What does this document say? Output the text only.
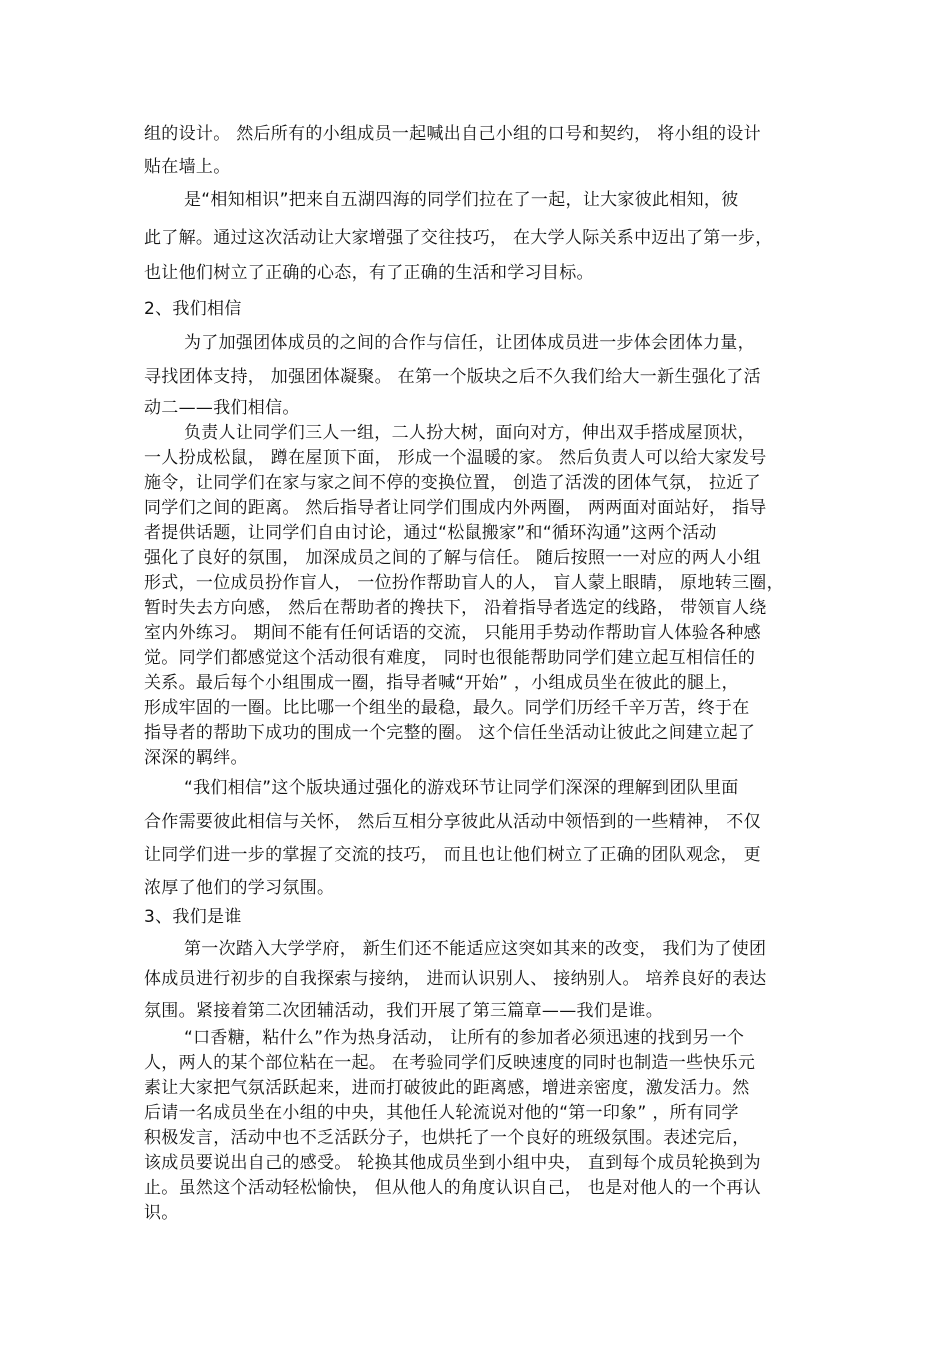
组的设计。 然后所有的小组成员一起喊出自己小组的口号和契约， 将小组的设计
贴在墙上。
是“相知相识”把来自五湖四海的同学们拉在了一起，让大家彼此相知，彼
此了解。通过这次活动让大家增强了交往技巧， 在大学人际关系中迈出了第一步，
也让他们树立了正确的心态，有了正确的生活和学习目标。
2、我们相信
为了加强团体成员的之间的合作与信任，让团体成员进一步体会团体力量，
寻找团体支持， 加强团体凝聚。 在第一个版块之后不久我们给大一新生强化了活
动二——我们相信。
负责人让同学们三人一组，二人扮大树，面向对方，伸出双手搭成屋顶状，
一人扮成松鼠， 蹲在屋顶下面， 形成一个温暖的家。 然后负责人可以给大家发号
施令，让同学们在家与家之间不停的变换位置， 创造了活泼的团体气氛， 拉近了
同学们之间的距离。 然后指导者让同学们围成内外两圈， 两两面对面站好， 指导
者提供话题，让同学们自由讨论，通过“松鼠搬家”和“循环沟通”这两个活动
强化了良好的氛围， 加深成员之间的了解与信任。 随后按照一一对应的两人小组
形式，一位成员扮作盲人， 一位扮作帮助盲人的人， 盲人蒙上眼睛， 原地转三圈，
暂时失去方向感， 然后在帮助者的搀扶下， 沿着指导者选定的线路， 带领盲人绕
室内外练习。 期间不能有任何话语的交流， 只能用手势动作帮助盲人体验各种感
觉。同学们都感觉这个活动很有难度， 同时也很能帮助同学们建立起互相信任的
关系。最后每个小组围成一圈，指导者喊“开始” ，小组成员坐在彼此的腿上，
形成牢固的一圈。比比哪一个组坐的最稳，最久。同学们历经千辛万苦，终于在
指导者的帮助下成功的围成一个完整的圈。 这个信任坐活动让彼此之间建立起了
深深的羁绊。
“我们相信”这个版块通过强化的游戏环节让同学们深深的理解到团队里面
合作需要彼此相信与关怀， 然后互相分享彼此从活动中领悟到的一些精神， 不仅
让同学们进一步的掌握了交流的技巧， 而且也让他们树立了正确的团队观念， 更
浓厚了他们的学习氛围。
3、我们是谁
第一次踏入大学学府， 新生们还不能适应这突如其来的改变， 我们为了使团
体成员进行初步的自我探索与接纳， 进而认识别人、 接纳别人。 培养良好的表达
氛围。紧接着第二次团辅活动，我们开展了第三篇章——我们是谁。
“口香糖，粘什么”作为热身活动， 让所有的参加者必须迅速的找到另一个
人，两人的某个部位粘在一起。 在考验同学们反映速度的同时也制造一些快乐元
素让大家把气氛活跃起来，进而打破彼此的距离感，增进亲密度，激发活力。然
后请一名成员坐在小组的中央，其他任人轮流说对他的“第一印象” ，所有同学
积极发言，活动中也不乏活跃分子，也烘托了一个良好的班级氛围。表述完后，
该成员要说出自己的感受。 轮换其他成员坐到小组中央， 直到每个成员轮换到为
止。虽然这个活动轻松愉快， 但从他人的角度认识自己， 也是对他人的一个再认
识。
